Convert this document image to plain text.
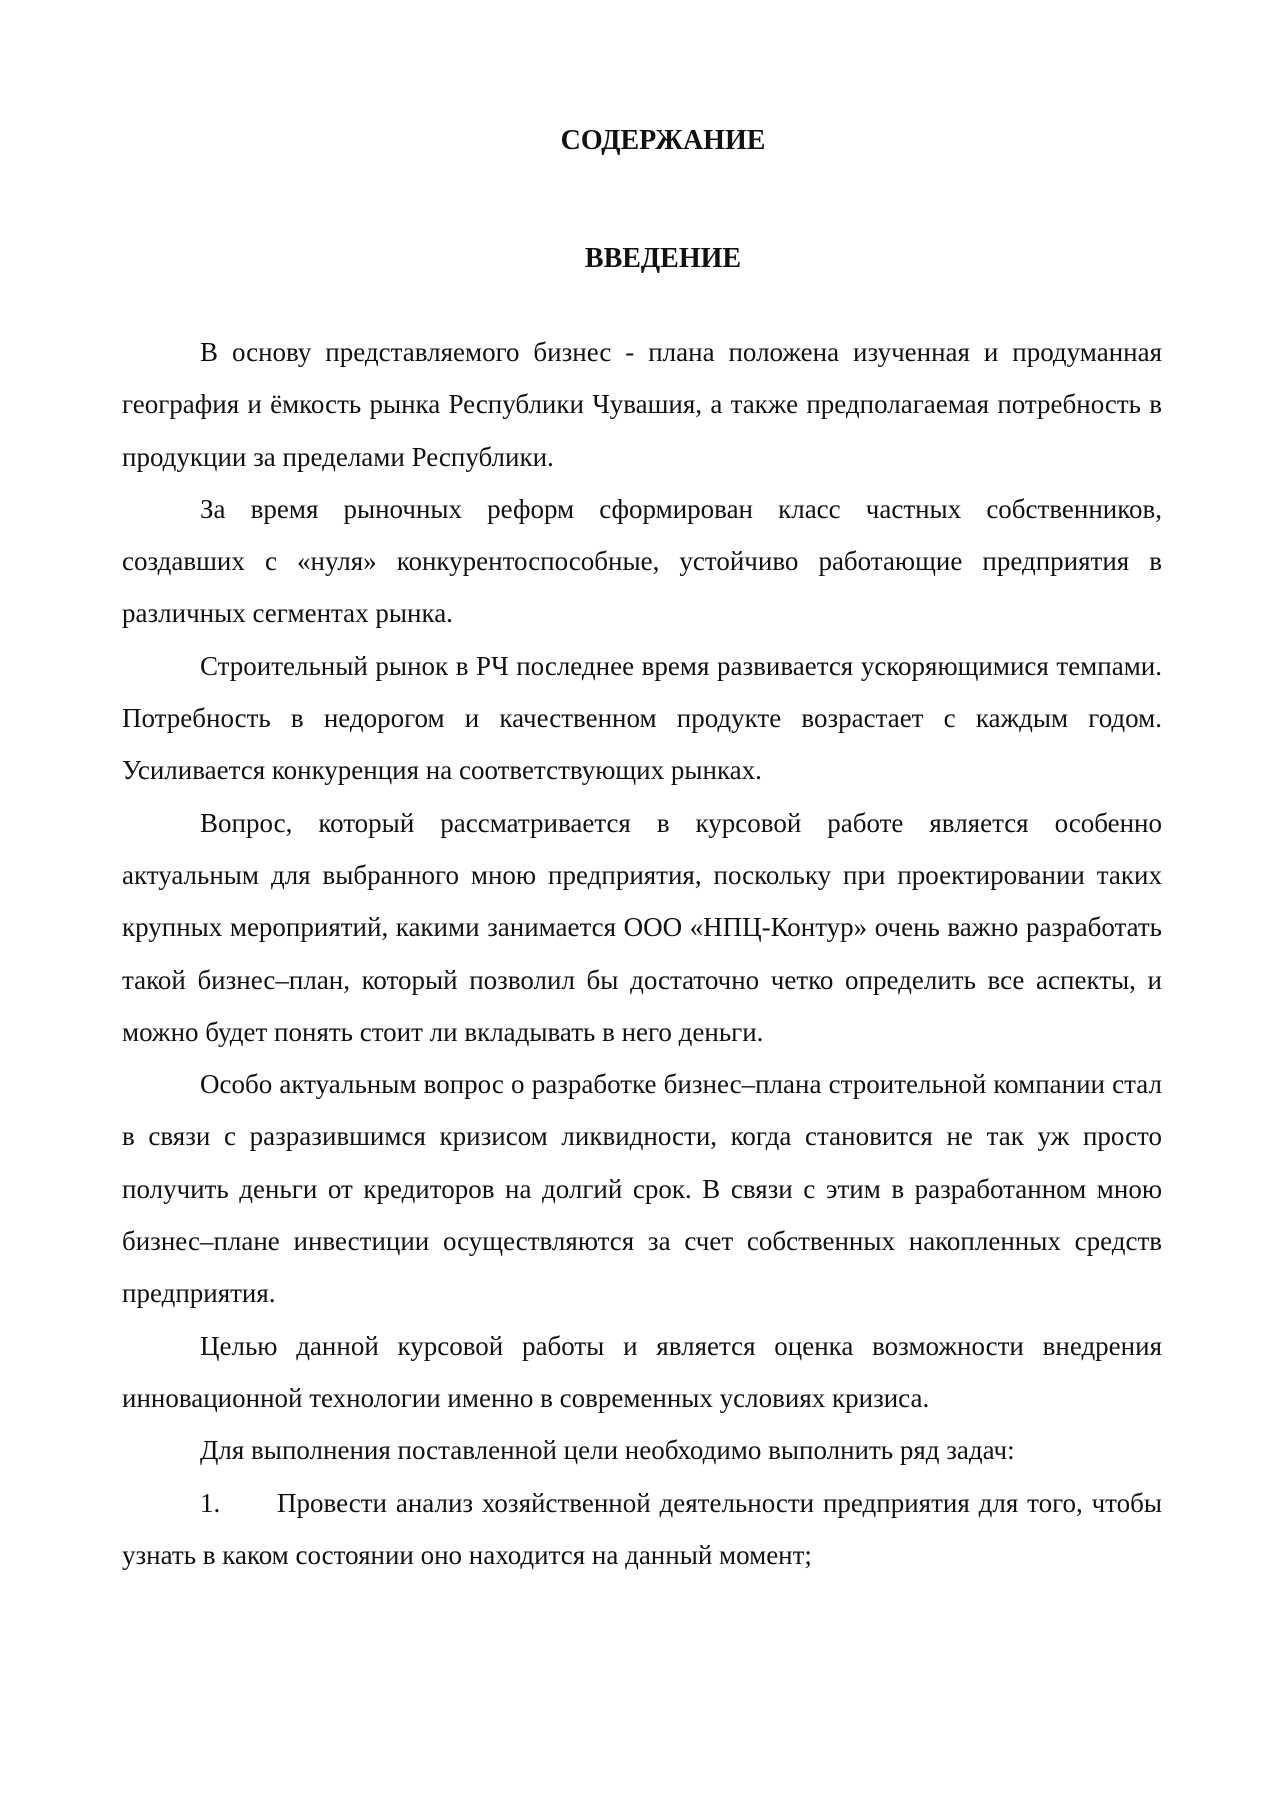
СОДЕРЖАНИЕ
ВВЕДЕНИЕ

В основу представляемого бизнес - плана положена изученная и продуманная география и ёмкость рынка Республики Чувашия, а также предполагаемая потребность в продукции за пределами Республики.

За время рыночных реформ сформирован класс частных собственников, создавших с «нуля» конкурентоспособные, устойчиво работающие предприятия в различных сегментах рынка.

Строительный рынок в РЧ последнее время развивается ускоряющимися темпами. Потребность в недорогом и качественном продукте возрастает с каждым годом. Усиливается конкуренция на соответствующих рынках.

Вопрос, который рассматривается в курсовой работе является особенно актуальным для выбранного мною предприятия, поскольку при проектировании таких крупных мероприятий, какими занимается ООО «НПЦ-Контур» очень важно разработать такой бизнес–план, который позволил бы достаточно четко определить все аспекты, и можно будет понять стоит ли вкладывать в него деньги.

Особо актуальным вопрос о разработке бизнес–плана строительной компании стал в связи с разразившимся кризисом ликвидности, когда становится не так уж просто получить деньги от кредиторов на долгий срок. В связи с этим в разработанном мною бизнес–плане инвестиции осуществляются за счет собственных накопленных средств предприятия.

Целью данной курсовой работы и является оценка возможности внедрения инновационной технологии именно в современных условиях кризиса.

Для выполнения поставленной цели необходимо выполнить ряд задач:

1. Провести анализ хозяйственной деятельности предприятия для того, чтобы узнать в каком состоянии оно находится на данный момент;
